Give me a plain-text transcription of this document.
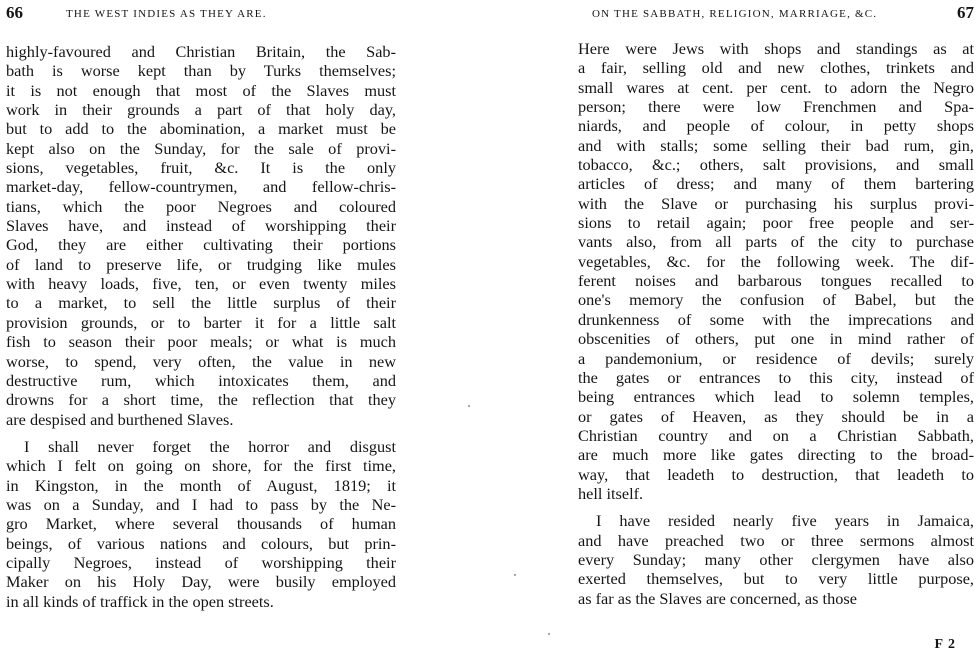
66	THE WEST INDIES AS THEY ARE.
highly-favoured and Christian Britain, the Sab-
bath is worse kept than by Turks themselves;
it is not enough that most of the Slaves must
work in their grounds a part of that holy day,
but to add to the abomination, a market must be
kept also on the Sunday, for the sale of provi-
sions, vegetables, fruit, &c. It is the only
market-day, fellow-countrymen, and fellow-chris-
tians, which the poor Negroes and coloured
Slaves have, and instead of worshipping their
God, they are either cultivating their portions
of land to preserve life, or trudging like mules
with heavy loads, five, ten, or even twenty miles
to a market, to sell the little surplus of their
provision grounds, or to barter it for a little salt
fish to season their poor meals; or what is much
worse, to spend, very often, the value in new
destructive rum, which intoxicates them, and
drowns for a short time, the reflection that they
are despised and burthened Slaves.
I shall never forget the horror and disgust
which I felt on going on shore, for the first time,
in Kingston, in the month of August, 1819; it
was on a Sunday, and I had to pass by the Ne-
gro Market, where several thousands of human
beings, of various nations and colours, but prin-
cipally Negroes, instead of worshipping their
Maker on his Holy Day, were busily employed
in all kinds of traffick in the open streets.
ON THE SABBATH, RELIGION, MARRIAGE, &C.	67
Here were Jews with shops and standings as at
a fair, selling old and new clothes, trinkets and
small wares at cent. per cent. to adorn the Negro
person; there were low Frenchmen and Spa-
niards, and people of colour, in petty shops
and with stalls; some selling their bad rum, gin,
tobacco, &c.; others, salt provisions, and small
articles of dress; and many of them bartering
with the Slave or purchasing his surplus provi-
sions to retail again; poor free people and ser-
vants also, from all parts of the city to purchase
vegetables, &c. for the following week. The dif-
ferent noises and barbarous tongues recalled to
one's memory the confusion of Babel, but the
drunkenness of some with the imprecations and
obscenities of others, put one in mind rather of
a pandemonium, or residence of devils; surely
the gates or entrances to this city, instead of
being entrances which lead to solemn temples,
or gates of Heaven, as they should be in a
Christian country and on a Christian Sabbath,
are much more like gates directing to the broad-
way, that leadeth to destruction, that leadeth to
hell itself.
I have resided nearly five years in Jamaica,
and have preached two or three sermons almost
every Sunday; many other clergymen have also
exerted themselves, but to very little purpose,
as far as the Slaves are concerned, as those
F 2
